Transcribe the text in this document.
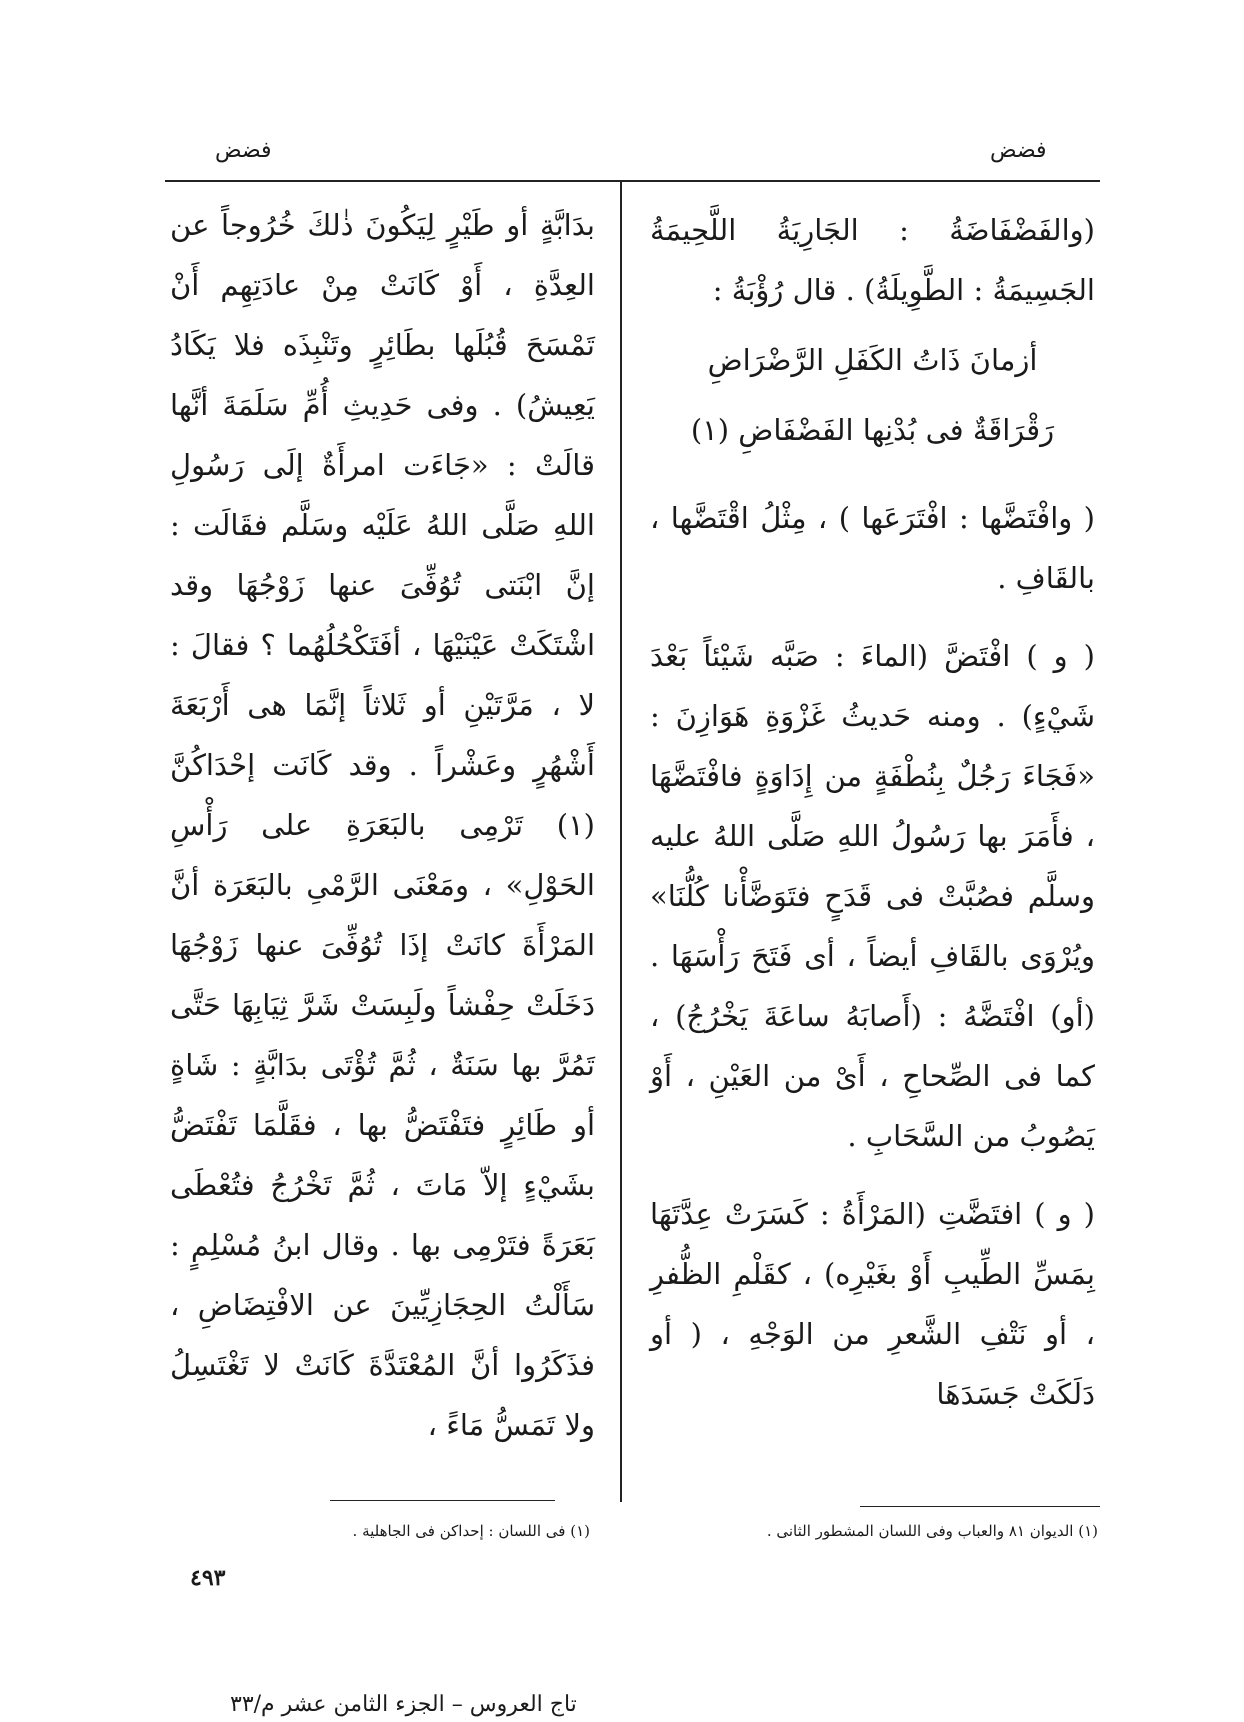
فضض	فضض

(والفَضْفَاضَةُ : الجَارِيَةُ اللَّحِيمَةُ الجَسِيمَةُ : الطَّوِيلَةُ) . قال رُؤْبَةُ :

أزمانَ ذَاتُ الكَفَلِ الرَّضْرَاضِ

رَقْرَاقَةٌ فى بُدْنِها الفَضْفَاضِ (١)

( وافْتَضَّها : افْتَرَعَها ) ، مِثْلُ اقْتَضَّها ، بالقَافِ .

( و ) افْتَضَّ (الماءَ : صَبَّه شَيْئاً بَعْدَ شَيْءٍ) . ومنه حَديثُ غَزْوَةِ هَوَازِنَ : «فَجَاءَ رَجُلٌ بِنُطْفَةٍ من إِدَاوَةٍ فافْتَضَّهَا ، فأَمَرَ بها رَسُولُ اللهِ صَلَّى اللهُ عليه وسلَّم فصُبَّتْ فى قَدَحٍ فتَوَضَّأْنا كُلُّنَا» ويُرْوَى بالقَافِ أيضاً ، أى فَتَحَ رَأْسَهَا . (أو) افْتَضَّهُ : (أَصابَهُ ساعَةَ يَخْرُجُ) ، كما فى الصِّحاحِ ، أَىْ من العَيْنِ ، أَوْ يَصُوبُ من السَّحَابِ .

( و ) افتَضَّتِ (المَرْأَةُ : كَسَرَتْ عِدَّتَهَا بِمَسِّ الطِّيبِ أَوْ بغَيْرِه) ، كقَلْمِ الظُّفرِ ، أو نَتْفِ الشَّعرِ من الوَجْهِ ، ( أو دَلَكَتْ جَسَدَهَا

بدَابَّةٍ أو طَيْرٍ لِيَكُونَ ذٰلكَ خُرُوجاً عن العِدَّةِ ، أَوْ كَانَتْ مِنْ عادَتِهِم أَنْ تَمْسَحَ قُبُلَها بطَائِرٍ وتَنْبِذَه فلا يَكَادُ يَعِيشُ) . وفى حَدِيثِ أُمِّ سَلَمَةَ أنَّها قالَتْ : «جَاءَت امرأَةٌ إلَى رَسُولِ اللهِ صَلَّى اللهُ عَلَيْه وسَلَّم فقَالَت : إنَّ ابْنَتى تُوُفِّىَ عنها زَوْجُهَا وقد اشْتَكَتْ عَيْنَيْهَا ، أفَتَكْحُلُهُما ؟ فقالَ : لا ، مَرَّتَيْنِ أو ثَلاثاً إنَّمَا هى أَرْبَعَةَ أَشْهُرٍ وعَشْراً . وقد كَانَت إحْدَاكُنَّ (١) تَرْمِى بالبَعَرَةِ على رَأْسِ الحَوْلِ» ، ومَعْنَى الرَّمْىِ بالبَعَرَة أنَّ المَرْأَةَ كانَتْ إذَا تُوُفِّىَ عنها زَوْجُهَا دَخَلَتْ حِفْشاً ولَبِسَتْ شَرَّ ثِيَابِهَا حَتَّى تَمُرَّ بها سَنَةٌ ، ثُمَّ تُؤْتَى بدَابَّةٍ : شَاةٍ أو طَائِرٍ فتَفْتَضُّ بها ، فقَلَّمَا تَفْتَضُّ بشَيْءٍ إلاّ مَاتَ ، ثُمَّ تَخْرُجُ فتُعْطَى بَعَرَةً فتَرْمِى بها . وقال ابنُ مُسْلِمٍ : سَأَلْتُ الحِجَازِيِّينَ عن الافْتِضَاضِ ، فذَكَرُوا أنَّ المُعْتَدَّةَ كَانَتْ لا تَغْتَسِلُ ولا تَمَسُّ مَاءً ،

(١) الديوان ٨١ والعباب وفى اللسان المشطور الثانى .
(١) فى اللسان : إحداكن فى الجاهلية .
٤٩٣
تاج العروس – الجزء الثامن عشر م/٣٣
